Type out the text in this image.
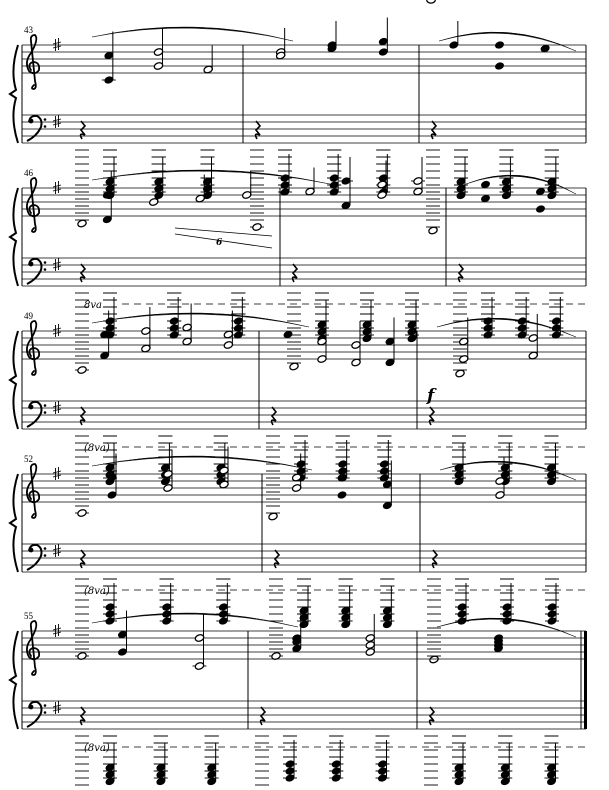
43
46
8va
6
49
(8va)
f
52
(8va)
55
(8va)
